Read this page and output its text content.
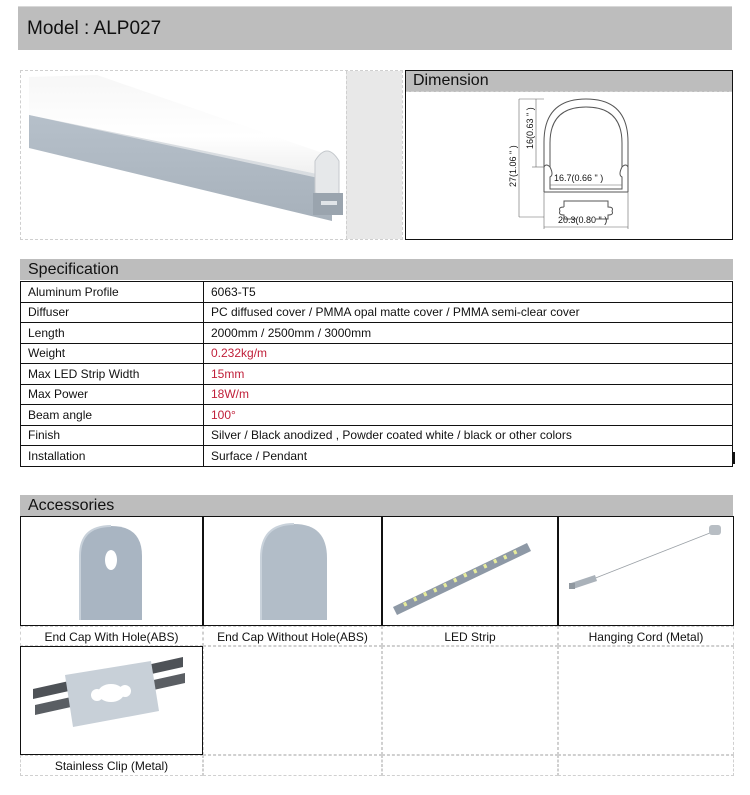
Model : ALP027
Dimension
16.7(0.66 " )
20.3(0.80 " )
27(1.06 " )
16(0.63 " )
Specification
Aluminum Profile	6063-T5
Diffuser	PC diffused cover / PMMA opal matte cover / PMMA semi-clear cover
Length	2000mm / 2500mm / 3000mm
Weight	0.232kg/m
Max LED Strip Width	15mm
Max Power	18W/m
Beam angle	100°
Finish	Silver / Black anodized , Powder coated white / black or other colors
Installation	Surface / Pendant
Accessories
End Cap With Hole(ABS)	End Cap Without Hole(ABS)	LED Strip	Hanging Cord (Metal)
Stainless Clip (Metal)
